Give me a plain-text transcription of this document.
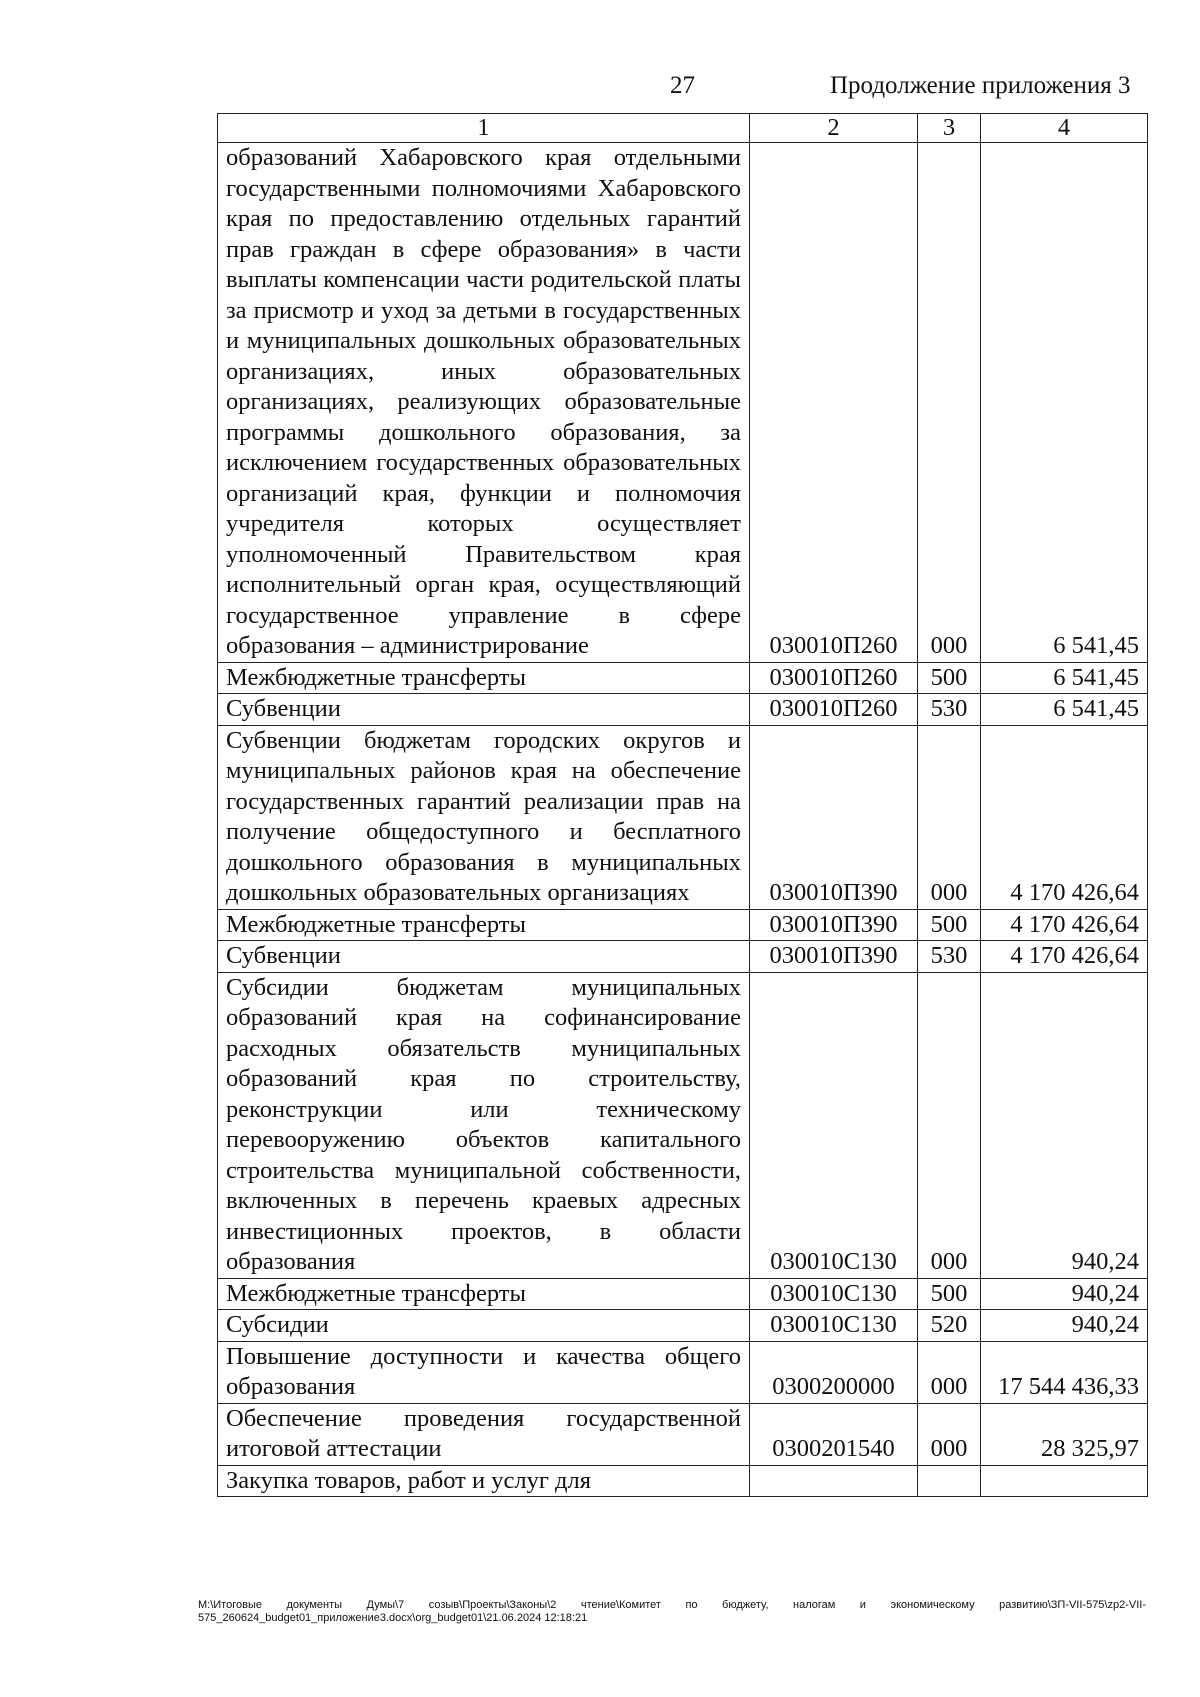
27	Продолжение приложения 3
1	2	3	4
образований Хабаровского края отдельными государственными полномочиями Хабаровского края по предоставлению отдельных гарантий прав граждан в сфере образования» в части выплаты компенсации части родительской платы за присмотр и уход за детьми в государственных и муниципальных дошкольных образовательных организациях, иных образовательных организациях, реализующих образовательные программы дошкольного образования, за исключением государственных образовательных организаций края, функции и полномочия учредителя которых осуществляет уполномоченный Правительством края исполнительный орган края, осуществляющий государственное управление в сфере образования – администрирование	030010П260	000	6 541,45
Межбюджетные трансферты	030010П260	500	6 541,45
Субвенции	030010П260	530	6 541,45
Субвенции бюджетам городских округов и муниципальных районов края на обеспечение государственных гарантий реализации прав на получение общедоступного и бесплатного дошкольного образования в муниципальных дошкольных образовательных организациях	030010П390	000	4 170 426,64
Межбюджетные трансферты	030010П390	500	4 170 426,64
Субвенции	030010П390	530	4 170 426,64
Субсидии бюджетам муниципальных образований края на софинансирование расходных обязательств муниципальных образований края по строительству, реконструкции или техническому перевооружению объектов капитального строительства муниципальной собственности, включенных в перечень краевых адресных инвестиционных проектов, в области образования	030010С130	000	940,24
Межбюджетные трансферты	030010С130	500	940,24
Субсидии	030010С130	520	940,24
Повышение доступности и качества общего образования	0300200000	000	17 544 436,33
Обеспечение проведения государственной итоговой аттестации	0300201540	000	28 325,97
Закупка товаров, работ и услуг для			
M:\Итоговые документы Думы\7 созыв\Проекты\Законы\2 чтение\Комитет по бюджету, налогам и экономическому развитию\ЗП-VII-575\zp2-VII-575_260624_budget01_приложение3.docx\org_budget01\21.06.2024 12:18:21
